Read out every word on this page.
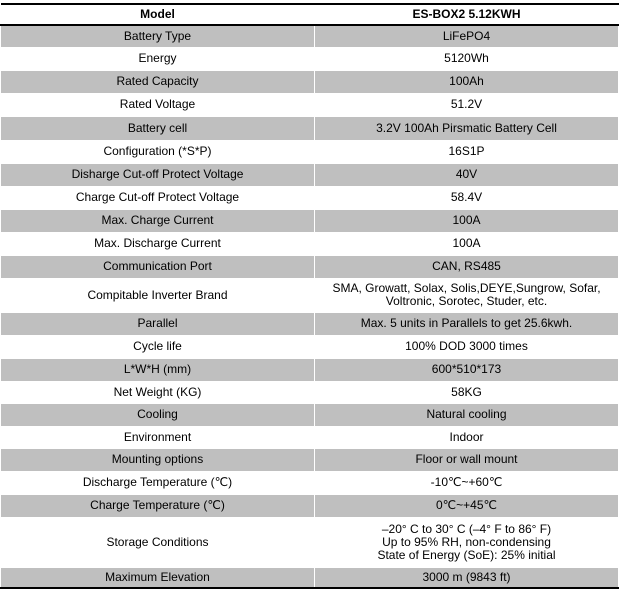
Model	ES-BOX2 5.12KWH
Battery Type	LiFePO4

Energy	5120Wh

Rated Capacity	100Ah

Rated Voltage	51.2V

Battery cell	3.2V 100Ah Pirsmatic Battery Cell

Configuration (*S*P)	16S1P

Disharge Cut-off Protect Voltage	40V

Charge Cut-off Protect Voltage	58.4V

Max. Charge Current	100A

Max. Discharge Current	100A

Communication Port	CAN, RS485

Compitable Inverter Brand	SMA, Growatt, Solax, Solis,DEYE,Sungrow, Sofar,
Voltronic, Sorotec, Studer, etc.

Parallel	Max. 5 units in Parallels to get 25.6kwh.

Cycle life	100% DOD 3000 times

L*W*H (mm)	600*510*173

Net Weight (KG)	58KG

Cooling	Natural cooling

Environment	Indoor

Mounting options	Floor or wall mount

Discharge Temperature (℃)	-10℃~+60℃

Charge Temperature (℃)	0℃~+45℃

Storage Conditions	–20° C to 30° C (–4° F to 86° F)
Up to 95% RH, non-condensing
State of Energy (SoE): 25% initial

Maximum Elevation	3000 m (9843 ft)
